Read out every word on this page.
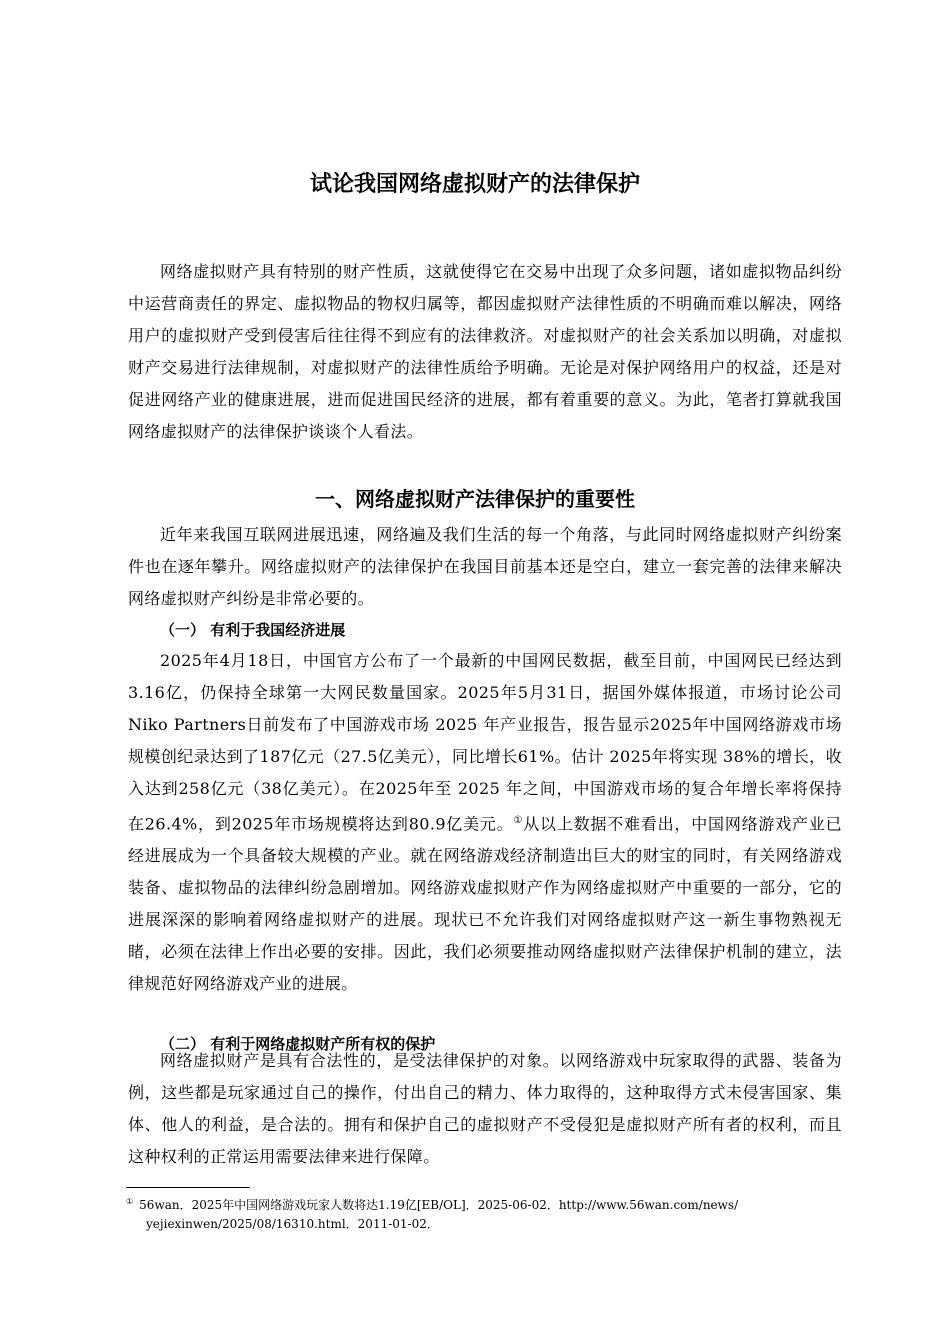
试论我国网络虚拟财产的法律保护

网络虚拟财产具有特别的财产性质，这就使得它在交易中出现了众多问题，诸如虚拟物品纠纷中运营商责任的界定、虚拟物品的物权归属等，都因虚拟财产法律性质的不明确而难以解决，网络用户的虚拟财产受到侵害后往往得不到应有的法律救济。对虚拟财产的社会关系加以明确，对虚拟财产交易进行法律规制，对虚拟财产的法律性质给予明确。无论是对保护网络用户的权益，还是对促进网络产业的健康进展，进而促进国民经济的进展，都有着重要的意义。为此，笔者打算就我国网络虚拟财产的法律保护谈谈个人看法。

一、网络虚拟财产法律保护的重要性

近年来我国互联网进展迅速，网络遍及我们生活的每一个角落，与此同时网络虚拟财产纠纷案件也在逐年攀升。网络虚拟财产的法律保护在我国目前基本还是空白，建立一套完善的法律来解决网络虚拟财产纠纷是非常必要的。

（一） 有利于我国经济进展

2025年4月18日，中国官方公布了一个最新的中国网民数据，截至目前，中国网民已经达到3.16亿，仍保持全球第一大网民数量国家。2025年5月31日，据国外媒体报道，市场讨论公司Niko Partners日前发布了中国游戏市场 2025 年产业报告，报告显示2025年中国网络游戏市场规模创纪录达到了187亿元（27.5亿美元），同比增长61%。估计 2025年将实现 38%的增长，收入达到258亿元（38亿美元）。在2025年至 2025 年之间，中国游戏市场的复合年增长率将保持在26.4%，到2025年市场规模将达到80.9亿美元。①从以上数据不难看出，中国网络游戏产业已经进展成为一个具备较大规模的产业。就在网络游戏经济制造出巨大的财宝的同时，有关网络游戏装备、虚拟物品的法律纠纷急剧增加。网络游戏虚拟财产作为网络虚拟财产中重要的一部分，它的进展深深的影响着网络虚拟财产的进展。现状已不允许我们对网络虚拟财产这一新生事物熟视无睹，必须在法律上作出必要的安排。因此，我们必须要推动网络虚拟财产法律保护机制的建立，法律规范好网络游戏产业的进展。

（二） 有利于网络虚拟财产所有权的保护

网络虚拟财产是具有合法性的，是受法律保护的对象。以网络游戏中玩家取得的武器、装备为例，这些都是玩家通过自己的操作，付出自己的精力、体力取得的，这种取得方式未侵害国家、集体、他人的利益，是合法的。拥有和保护自己的虚拟财产不受侵犯是虚拟财产所有者的权利，而且这种权利的正常运用需要法律来进行保障。

① 56wan．2025年中国网络游戏玩家人数将达1.19亿[EB/OL]．2025-06-02．http://www.56wan.com/news/
yejiexinwen/2025/08/16310.html．2011-01-02．
